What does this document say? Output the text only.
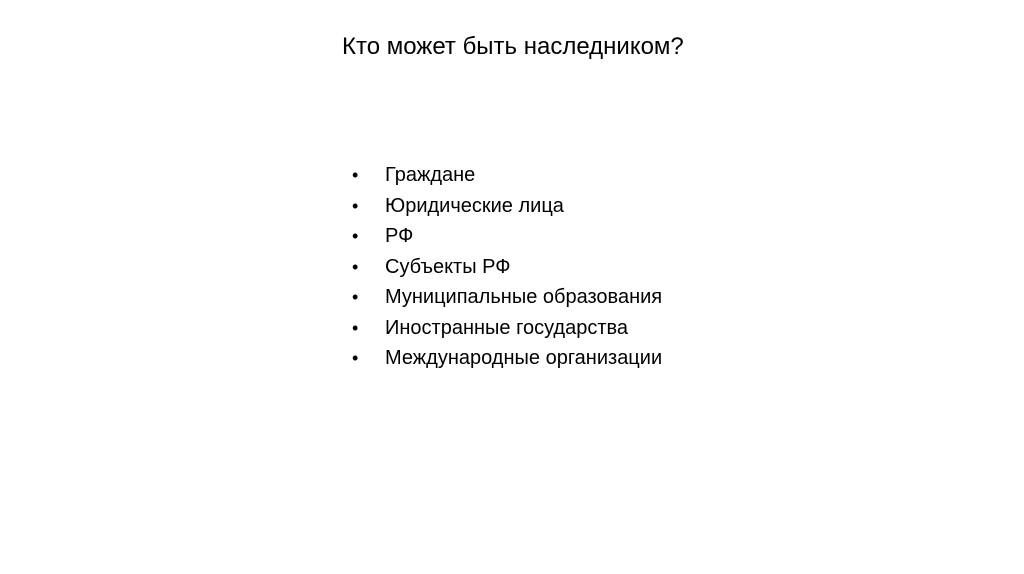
Кто может быть наследником?
•	Граждане
•	Юридические лица
•	РФ
•	Субъекты РФ
•	Муниципальные образования
•	Иностранные государства
•	Международные организации
